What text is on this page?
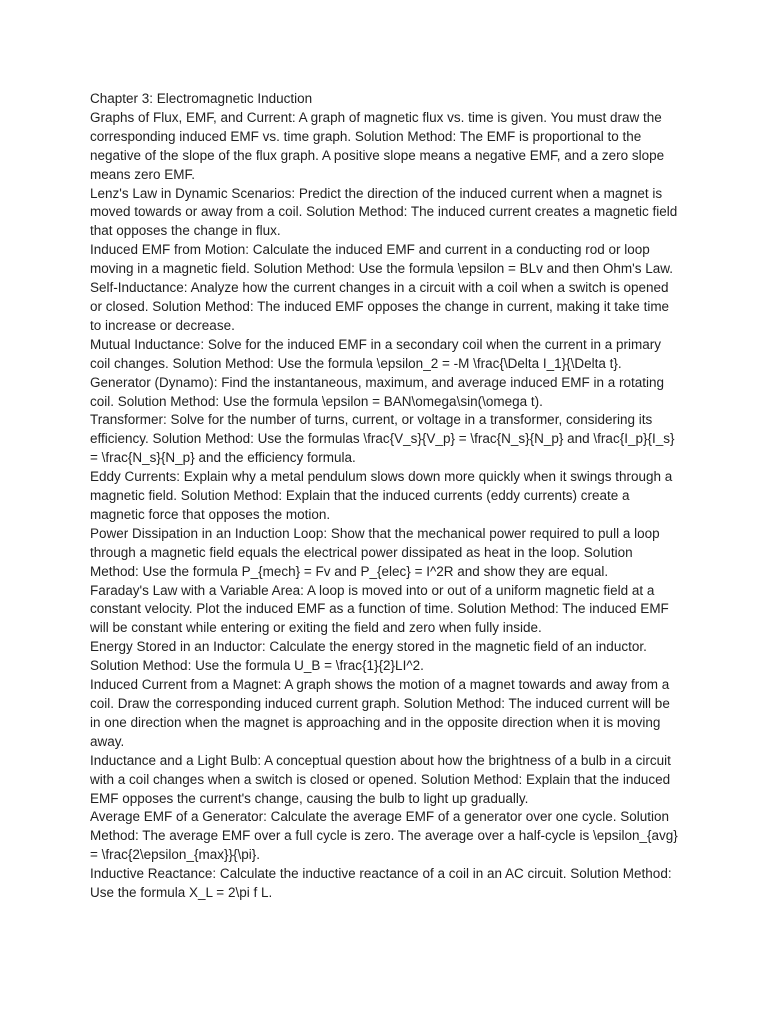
Chapter 3: Electromagnetic Induction

Graphs of Flux, EMF, and Current: A graph of magnetic flux vs. time is given. You must draw the corresponding induced EMF vs. time graph. Solution Method: The EMF is proportional to the negative of the slope of the flux graph. A positive slope means a negative EMF, and a zero slope means zero EMF.

Lenz's Law in Dynamic Scenarios: Predict the direction of the induced current when a magnet is moved towards or away from a coil. Solution Method: The induced current creates a magnetic field that opposes the change in flux.

Induced EMF from Motion: Calculate the induced EMF and current in a conducting rod or loop moving in a magnetic field. Solution Method: Use the formula \epsilon = BLv and then Ohm's Law.

Self-Inductance: Analyze how the current changes in a circuit with a coil when a switch is opened or closed. Solution Method: The induced EMF opposes the change in current, making it take time to increase or decrease.

Mutual Inductance: Solve for the induced EMF in a secondary coil when the current in a primary coil changes. Solution Method: Use the formula \epsilon_2 = -M \frac{\Delta I_1}{\Delta t}.

Generator (Dynamo): Find the instantaneous, maximum, and average induced EMF in a rotating coil. Solution Method: Use the formula \epsilon = BAN\omega\sin(\omega t).

Transformer: Solve for the number of turns, current, or voltage in a transformer, considering its efficiency. Solution Method: Use the formulas \frac{V_s}{V_p} = \frac{N_s}{N_p} and \frac{I_p}{I_s} = \frac{N_s}{N_p} and the efficiency formula.

Eddy Currents: Explain why a metal pendulum slows down more quickly when it swings through a magnetic field. Solution Method: Explain that the induced currents (eddy currents) create a magnetic force that opposes the motion.

Power Dissipation in an Induction Loop: Show that the mechanical power required to pull a loop through a magnetic field equals the electrical power dissipated as heat in the loop. Solution Method: Use the formula P_{mech} = Fv and P_{elec} = I^2R and show they are equal.

Faraday's Law with a Variable Area: A loop is moved into or out of a uniform magnetic field at a constant velocity. Plot the induced EMF as a function of time. Solution Method: The induced EMF will be constant while entering or exiting the field and zero when fully inside.

Energy Stored in an Inductor: Calculate the energy stored in the magnetic field of an inductor. Solution Method: Use the formula U_B = \frac{1}{2}LI^2.

Induced Current from a Magnet: A graph shows the motion of a magnet towards and away from a coil. Draw the corresponding induced current graph. Solution Method: The induced current will be in one direction when the magnet is approaching and in the opposite direction when it is moving away.

Inductance and a Light Bulb: A conceptual question about how the brightness of a bulb in a circuit with a coil changes when a switch is closed or opened. Solution Method: Explain that the induced EMF opposes the current's change, causing the bulb to light up gradually.

Average EMF of a Generator: Calculate the average EMF of a generator over one cycle. Solution Method: The average EMF over a full cycle is zero. The average over a half-cycle is \epsilon_{avg} = \frac{2\epsilon_{max}}{\pi}.

Inductive Reactance: Calculate the inductive reactance of a coil in an AC circuit. Solution Method: Use the formula X_L = 2\pi f L.
